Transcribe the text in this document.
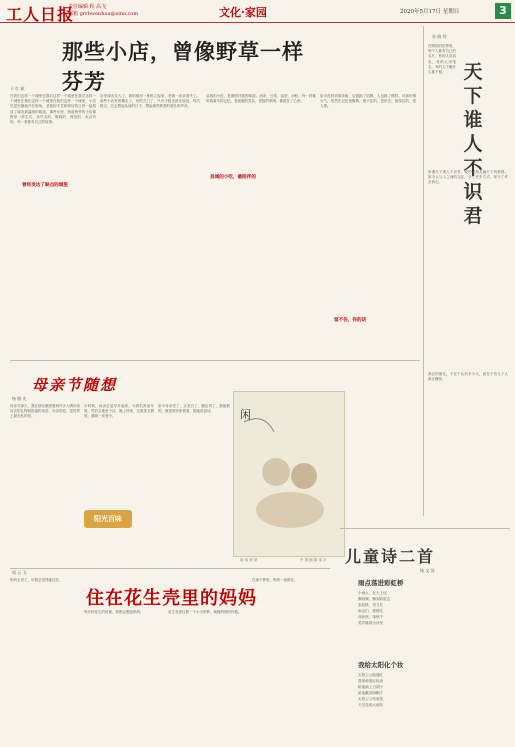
工人日报
责任编辑 程 高飞
邮箱 grrbwenhua@sina.com	文化·家园	2020年5月17日 星期日	3
那些小店，曾像野草一样芬芳
于 红 斌
在我们这样一个城里在我们这样一个城里在我们这样一个城里在我们这样一个城里在我们这样一个城里，小店总是安静地开在街角，老板的手艺和街坊的日常一起构成了城市最温暖的味道。那些年里，街道两旁的小店像野草一样生长，卖早点的、修鞋的、理发的、卖杂货的，每一家都有自己的故事。
曾经发达了缺点的城里
后来城市变大了，新的楼房一栋栋立起来，老街一条条消失了。那些小店有的搬走了，有的关门了，只有少数还留在原处。每次路过，总会想起从前的日子，想起那些熟悉的面孔和声音。
县城的小吃，最陪伴的
县城的小吃，是最陪伴我的味道。油条、豆浆、烧饼、凉粉，每一样都带着童年的记忆。老板娘的笑容、老板的吆喝，都留在了心里。
留不住，你的话
如今再回到那条街，店面换了招牌，人也换了模样。可那份烟火气，依然在记忆里飘散。留不住的，是时光；留得住的，是人情。
朱 晓 剑
在网络的世界里，每个人都有自己的名片，有的人用真名，有的人用笔名，有的人干脆什么都不留。 天下谁人不识君
所谓天下谁人不识君，说的是朋友遍天下的豪情。如今人与人之间的交往，多了许多方式，却少了许多真心。
真正的朋友，不在于认识多少人，而在于有几个人真正懂你。
母亲节随想
杨 继 先
母亲节那天，我在朋友圈里看到许多人晒出给母亲的礼物和祝福的话语。母亲的爱，是世界上最无私的爱。
小时候，母亲总是早早起床，为我们准备早饭，然后去地里干活。晚上回来，还要洗衣做饭，照顾一家老小。
如今母亲老了，头发白了，腰也弯了。我能做的，就是常回家看看，陪她说说话。
阳光百味
闲
闲 话 家 常	中 国 画 陈 寿 平
周 云 飞
住在花生壳里的妈妈
妈妈去世了，可我总觉得她还在。
每年种花生的时候，我都会想起妈妈。	花生壳里住着一个小小的梦，就像妈妈的怀抱。
在那个梦里，妈妈一直都在。
儿童诗二首
杨 文 国
雨点荡进彩虹桥
小雨点，在天上玩
飘呀飘，飘到彩虹边
彩虹桥，弯又长
雨点们，排排站
荡呀荡，荡秋千
笑声落到小河里
我给太阳化个妆
太阳公公脸通红
我拿画笔轻轻涂
给他画上白胡子
给他戴顶绿帽子
太阳公公哈哈笑
天空变成大画布
